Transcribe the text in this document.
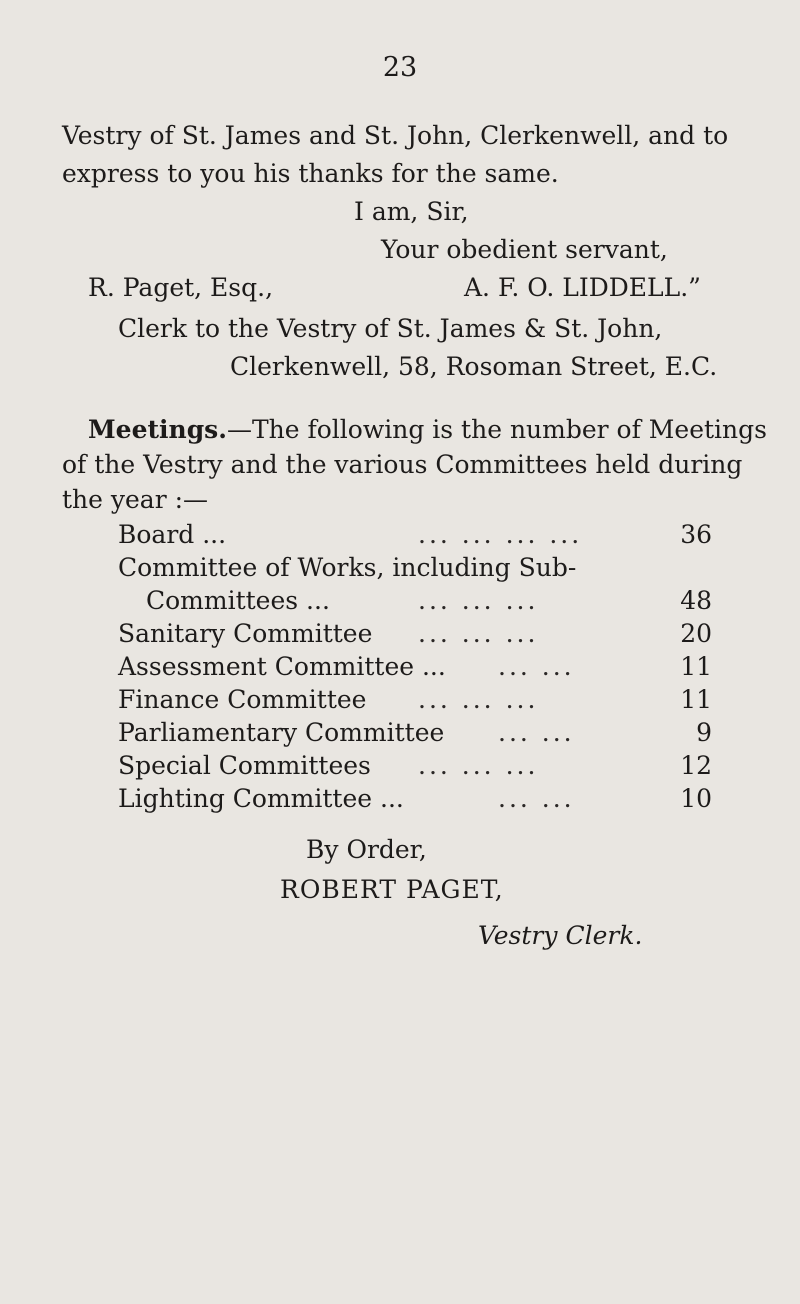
23
Vestry of St. James and St. John, Clerkenwell, and to
express to you his thanks for the same.
I am, Sir,
Your obedient servant,
R. Paget, Esq.,	A. F. O. LIDDELL.”
Clerk to the Vestry of St. James & St. John,
Clerkenwell, 58, Rosoman Street, E.C.
Meetings.—The following is the number of Meetings
of the Vestry and the various Committees held during
the year :—
Board ...	... ... ... ...	36
Committee of Works, including Sub-
Committees ...	... ... ...	48
Sanitary Committee ... ... ...	20
Assessment Committee ... ... ...	11
Finance Committee ... ... ...	11
Parliamentary Committee ... ...	9
Special Committees ... ... ...	12
Lighting Committee ...	... ...	10
By Order,
ROBERT PAGET,
Vestry Clerk.
